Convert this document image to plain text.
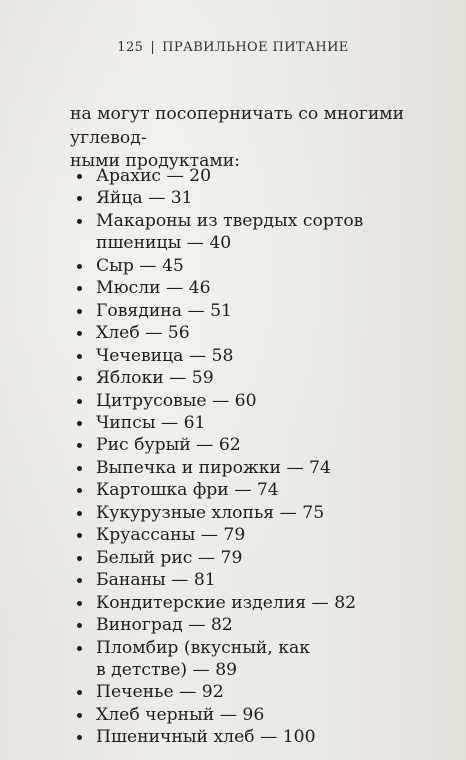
125 | ПРАВИЛЬНОЕ ПИТАНИЕ
на могут посоперничать со многими углевод-
ными продуктами:
Арахис — 20
Яйца — 31
Макароны из твердых сортов
пшеницы — 40
Сыр — 45
Мюсли — 46
Говядина — 51
Хлеб — 56
Чечевица — 58
Яблоки — 59
Цитрусовые — 60
Чипсы — 61
Рис бурый — 62
Выпечка и пирожки — 74
Картошка фри — 74
Кукурузные хлопья — 75
Круассаны — 79
Белый рис — 79
Бананы — 81
Кондитерские изделия — 82
Виноград — 82
Пломбир (вкусный, как
в детстве) — 89
Печенье — 92
Хлеб черный — 96
Пшеничный хлеб — 100
